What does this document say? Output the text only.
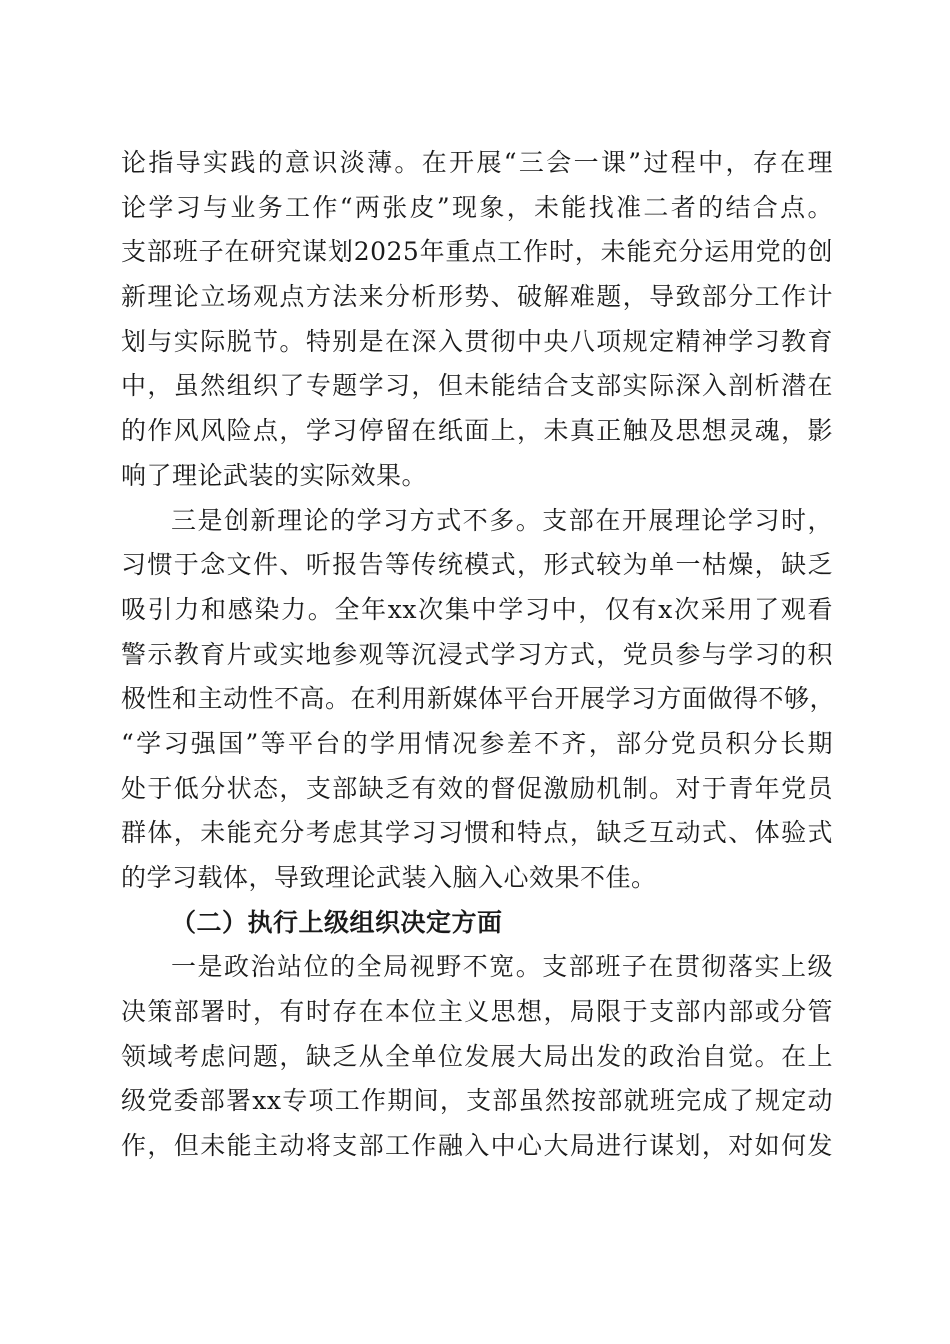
论指导实践的意识淡薄。在开展“三会一课”过程中，存在理
论学习与业务工作“两张皮”现象，未能找准二者的结合点。
支部班子在研究谋划2025年重点工作时，未能充分运用党的创
新理论立场观点方法来分析形势、破解难题，导致部分工作计
划与实际脱节。特别是在深入贯彻中央八项规定精神学习教育
中，虽然组织了专题学习，但未能结合支部实际深入剖析潜在
的作风风险点，学习停留在纸面上，未真正触及思想灵魂，影
响了理论武装的实际效果。
三是创新理论的学习方式不多。支部在开展理论学习时，
习惯于念文件、听报告等传统模式，形式较为单一枯燥，缺乏
吸引力和感染力。全年xx次集中学习中，仅有x次采用了观看
警示教育片或实地参观等沉浸式学习方式，党员参与学习的积
极性和主动性不高。在利用新媒体平台开展学习方面做得不够，
“学习强国”等平台的学用情况参差不齐，部分党员积分长期
处于低分状态，支部缺乏有效的督促激励机制。对于青年党员
群体，未能充分考虑其学习习惯和特点，缺乏互动式、体验式
的学习载体，导致理论武装入脑入心效果不佳。
（二）执行上级组织决定方面
一是政治站位的全局视野不宽。支部班子在贯彻落实上级
决策部署时，有时存在本位主义思想，局限于支部内部或分管
领域考虑问题，缺乏从全单位发展大局出发的政治自觉。在上
级党委部署xx专项工作期间，支部虽然按部就班完成了规定动
作，但未能主动将支部工作融入中心大局进行谋划，对如何发
